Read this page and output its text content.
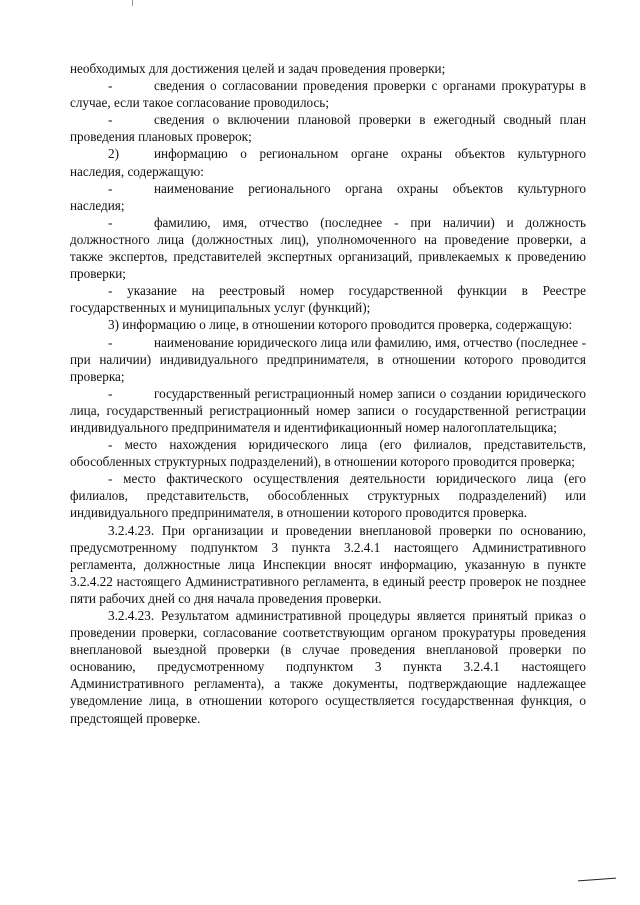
необходимых для достижения целей и задач проведения проверки;

-	сведения о согласовании проведения проверки с органами прокуратуры в случае, если такое согласование проводилось;

-	сведения о включении плановой проверки в ежегодный сводный план проведения плановых проверок;

2)	информацию о региональном органе охраны объектов культурного наследия, содержащую:

-	наименование регионального органа охраны объектов культурного наследия;

-	фамилию, имя, отчество (последнее - при наличии) и должность должностного лица (должностных лиц), уполномоченного на проведение проверки, а также экспертов, представителей экспертных организаций, привлекаемых к проведению проверки;

- указание на реестровый номер государственной функции в Реестре государственных и муниципальных услуг (функций);

3) информацию о лице, в отношении которого проводится проверка, содержащую:

-	наименование юридического лица или фамилию, имя, отчество (последнее - при наличии) индивидуального предпринимателя, в отношении которого проводится проверка;

-	государственный регистрационный номер записи о создании юридического лица, государственный регистрационный номер записи о государственной регистрации индивидуального предпринимателя и идентификационный номер налогоплательщика;

- место нахождения юридического лица (его филиалов, представительств, обособленных структурных подразделений), в отношении которого проводится проверка;

- место фактического осуществления деятельности юридического лица (его филиалов, представительств, обособленных структурных подразделений) или индивидуального предпринимателя, в отношении которого проводится проверка.

3.2.4.23. При организации и проведении внеплановой проверки по основанию, предусмотренному подпунктом 3 пункта 3.2.4.1 настоящего Административного регламента, должностные лица Инспекции вносят информацию, указанную в пункте 3.2.4.22 настоящего Административного регламента, в единый реестр проверок не позднее пяти рабочих дней со дня начала проведения проверки.

3.2.4.23. Результатом административной процедуры является принятый приказ о проведении проверки, согласование соответствующим органом прокуратуры проведения внеплановой выездной проверки (в случае проведения внеплановой проверки по основанию, предусмотренному подпунктом 3 пункта 3.2.4.1 настоящего Административного регламента), а также документы, подтверждающие надлежащее уведомление лица, в отношении которого осуществляется государственная функция, о предстоящей проверке.
